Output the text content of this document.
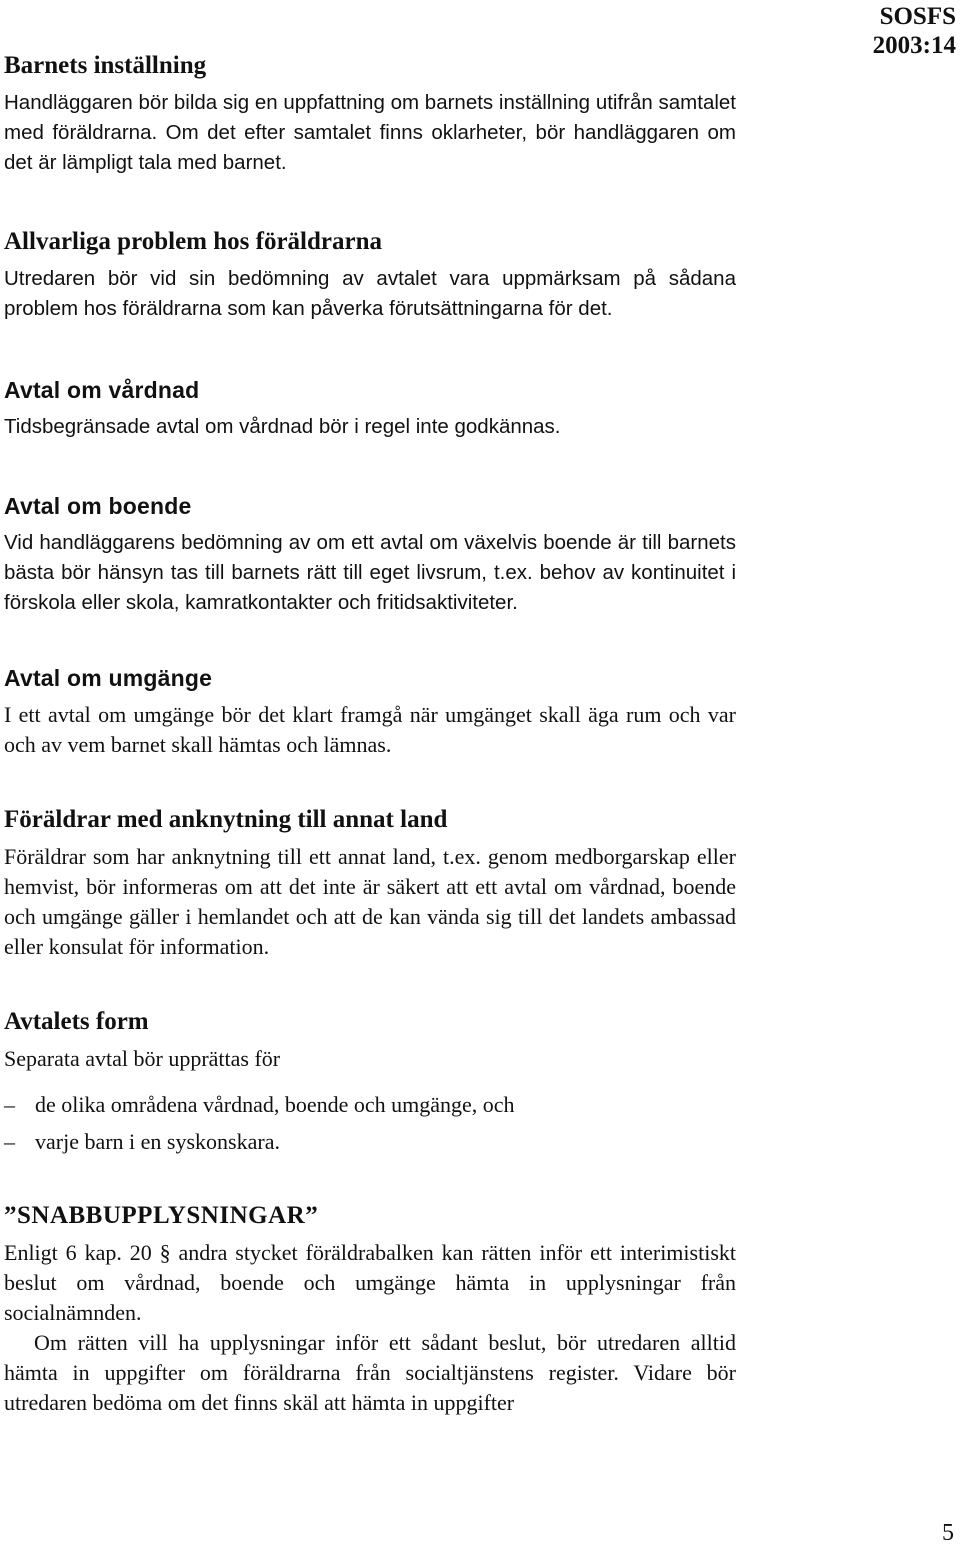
SOSFS
2003:14
Barnets inställning

Handläggaren bör bilda sig en uppfattning om barnets inställning utifrån samtalet med föräldrarna. Om det efter samtalet finns oklarheter, bör handläggaren om det är lämpligt tala med barnet.

Allvarliga problem hos föräldrarna

Utredaren bör vid sin bedömning av avtalet vara uppmärksam på sådana problem hos föräldrarna som kan påverka förutsättningarna för det.

Avtal om vårdnad

Tidsbegränsade avtal om vårdnad bör i regel inte godkännas.

Avtal om boende

Vid handläggarens bedömning av om ett avtal om växelvis boende är till barnets bästa bör hänsyn tas till barnets rätt till eget livsrum, t.ex. behov av kontinuitet i förskola eller skola, kamratkontakter och fritidsaktiviteter.

Avtal om umgänge

I ett avtal om umgänge bör det klart framgå när umgänget skall äga rum och var och av vem barnet skall hämtas och lämnas.

Föräldrar med anknytning till annat land

Föräldrar som har anknytning till ett annat land, t.ex. genom medborgarskap eller hemvist, bör informeras om att det inte är säkert att ett avtal om vårdnad, boende och umgänge gäller i hemlandet och att de kan vända sig till det landets ambassad eller konsulat för information.

Avtalets form

Separata avtal bör upprättas för

– de olika områdena vårdnad, boende och umgänge, och
– varje barn i en syskonskara.
”SNABBUPPLYSNINGAR”

Enligt 6 kap. 20 § andra stycket föräldrabalken kan rätten inför ett interimistiskt beslut om vårdnad, boende och umgänge hämta in upplysningar från socialnämnden.

Om rätten vill ha upplysningar inför ett sådant beslut, bör utredaren alltid hämta in uppgifter om föräldrarna från socialtjänstens register. Vidare bör utredaren bedöma om det finns skäl att hämta in uppgifter

5
